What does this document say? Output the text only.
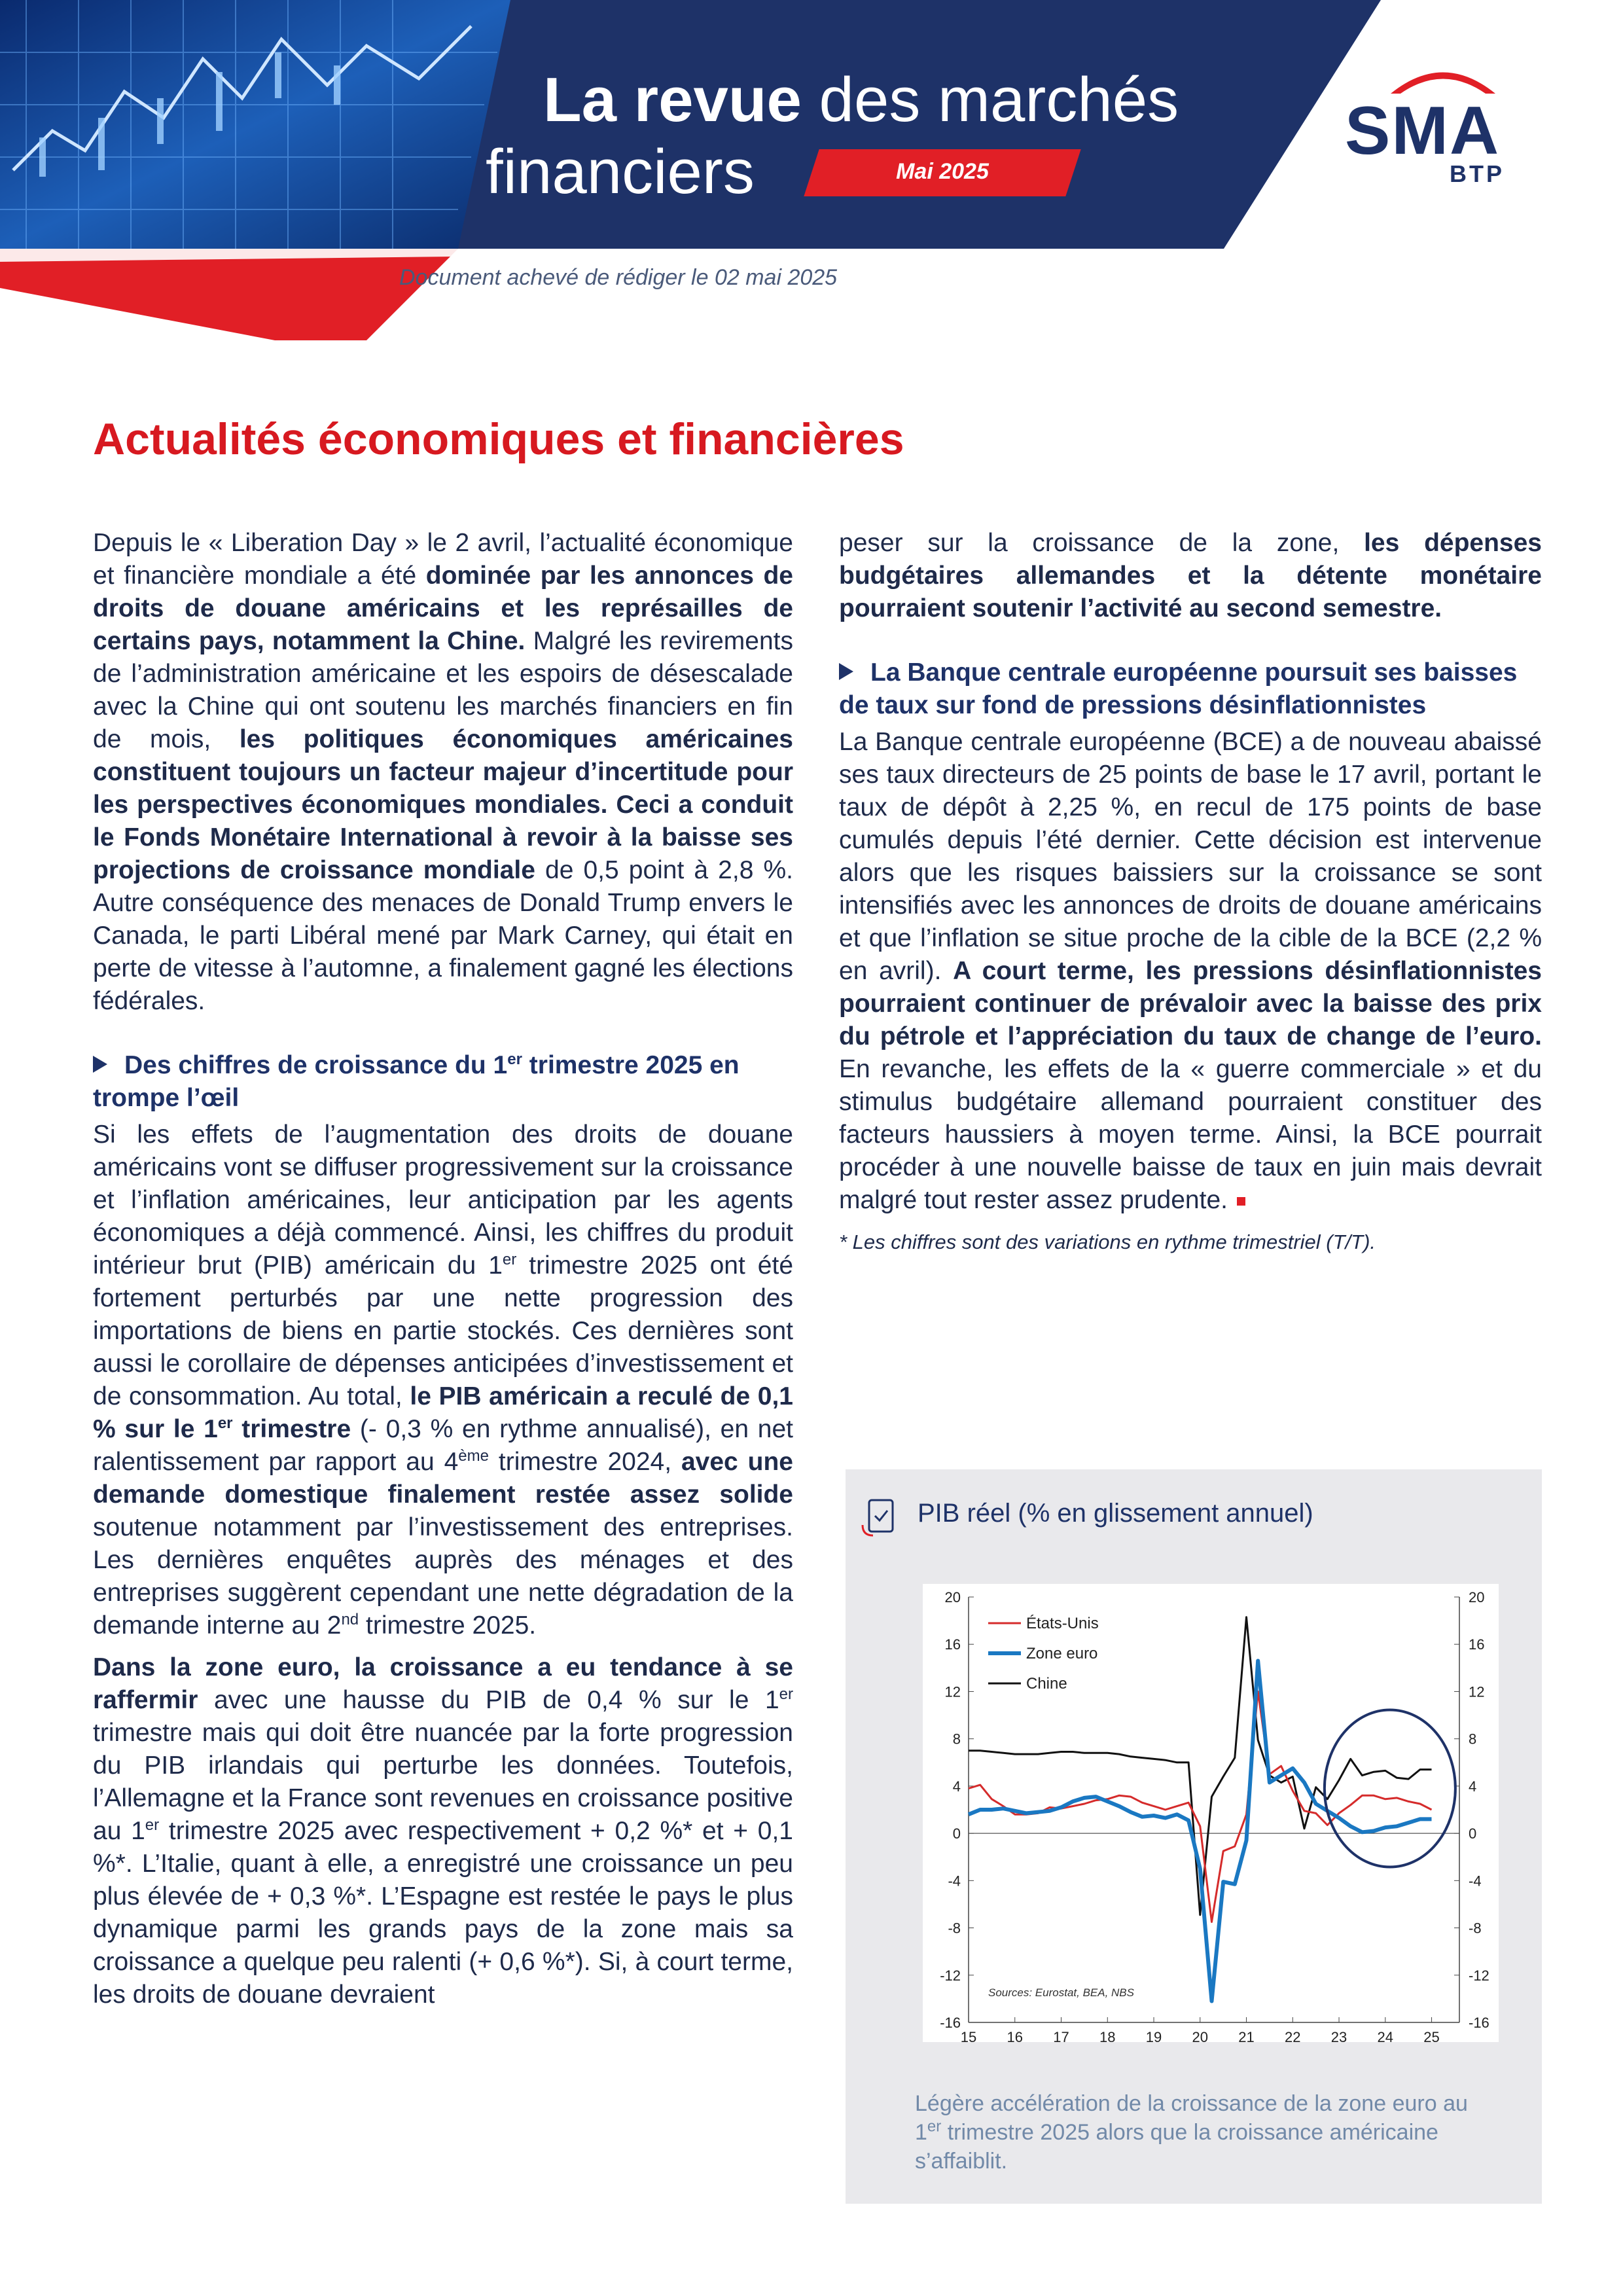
La revue des marchés
financiers	Mai 2025
SMA
BTP
Document achevé de rédiger le 02 mai 2025
Actualités économiques et financières

Depuis le « Liberation Day » le 2 avril, l’actualité économique et financière mondiale a été dominée par les annonces de droits de douane américains et les représailles de certains pays, notamment la Chine. Malgré les revirements de l’administration américaine et les espoirs de désescalade avec la Chine qui ont soutenu les marchés financiers en fin de mois, les politiques économiques américaines constituent toujours un facteur majeur d’incertitude pour les perspectives économiques mondiales. Ceci a conduit le Fonds Monétaire International à revoir à la baisse ses projections de croissance mondiale de 0,5 point à 2,8 %. Autre conséquence des menaces de Donald Trump envers le Canada, le parti Libéral mené par Mark Carney, qui était en perte de vitesse à l’automne, a finalement gagné les élections fédérales.

Des chiffres de croissance du 1er trimestre 2025 en trompe l’œil

Si les effets de l’augmentation des droits de douane américains vont se diffuser progressivement sur la croissance et l’inflation américaines, leur anticipation par les agents économiques a déjà commencé. Ainsi, les chiffres du produit intérieur brut (PIB) américain du 1er trimestre 2025 ont été fortement perturbés par une nette progression des importations de biens en partie stockés. Ces dernières sont aussi le corollaire de dépenses anticipées d’investissement et de consommation. Au total, le PIB américain a reculé de 0,1 % sur le 1er trimestre (- 0,3 % en rythme annualisé), en net ralentissement par rapport au 4ème trimestre 2024, avec une demande domestique finalement restée assez solide soutenue notamment par l’investissement des entreprises. Les dernières enquêtes auprès des ménages et des entreprises suggèrent cependant une nette dégradation de la demande interne au 2nd trimestre 2025.

Dans la zone euro, la croissance a eu tendance à se raffermir avec une hausse du PIB de 0,4 % sur le 1er trimestre mais qui doit être nuancée par la forte progression du PIB irlandais qui perturbe les données. Toutefois, l’Allemagne et la France sont revenues en croissance positive au 1er trimestre 2025 avec respectivement + 0,2 %* et + 0,1 %*. L’Italie, quant à elle, a enregistré une croissance un peu plus élevée de + 0,3 %*. L’Espagne est restée le pays le plus dynamique parmi les grands pays de la zone mais sa croissance a quelque peu ralenti (+ 0,6 %*). Si, à court terme, les droits de douane devraient

peser sur la croissance de la zone, les dépenses budgétaires allemandes et la détente monétaire pourraient soutenir l’activité au second semestre.

La Banque centrale européenne poursuit ses baisses de taux sur fond de pressions désinflationnistes

La Banque centrale européenne (BCE) a de nouveau abaissé ses taux directeurs de 25 points de base le 17 avril, portant le taux de dépôt à 2,25 %, en recul de 175 points de base cumulés depuis l’été dernier. Cette décision est intervenue alors que les risques baissiers sur la croissance se sont intensifiés avec les annonces de droits de douane américains et que l’inflation se situe proche de la cible de la BCE (2,2 % en avril). A court terme, les pressions désinflationnistes pourraient continuer de prévaloir avec la baisse des prix du pétrole et l’appréciation du taux de change de l’euro. En revanche, les effets de la « guerre commerciale » et du stimulus budgétaire allemand pourraient constituer des facteurs haussiers à moyen terme. Ainsi, la BCE pourrait procéder à une nouvelle baisse de taux en juin mais devrait malgré tout rester assez prudente.

* Les chiffres sont des variations en rythme trimestriel (T/T).
PIB réel (% en glissement annuel)
20	20
16	16
12	12
8	8
4	4
0	0
-4	-4
-8	-8
-12	-12
-16	-16
15 16 17 18 19 20 21 22 23 24 25
États-Unis
Zone euro
Chine
Sources: Eurostat, BEA, NBS
Légère accélération de la croissance de la zone euro au 1er trimestre 2025 alors que la croissance américaine s’affaiblit.
